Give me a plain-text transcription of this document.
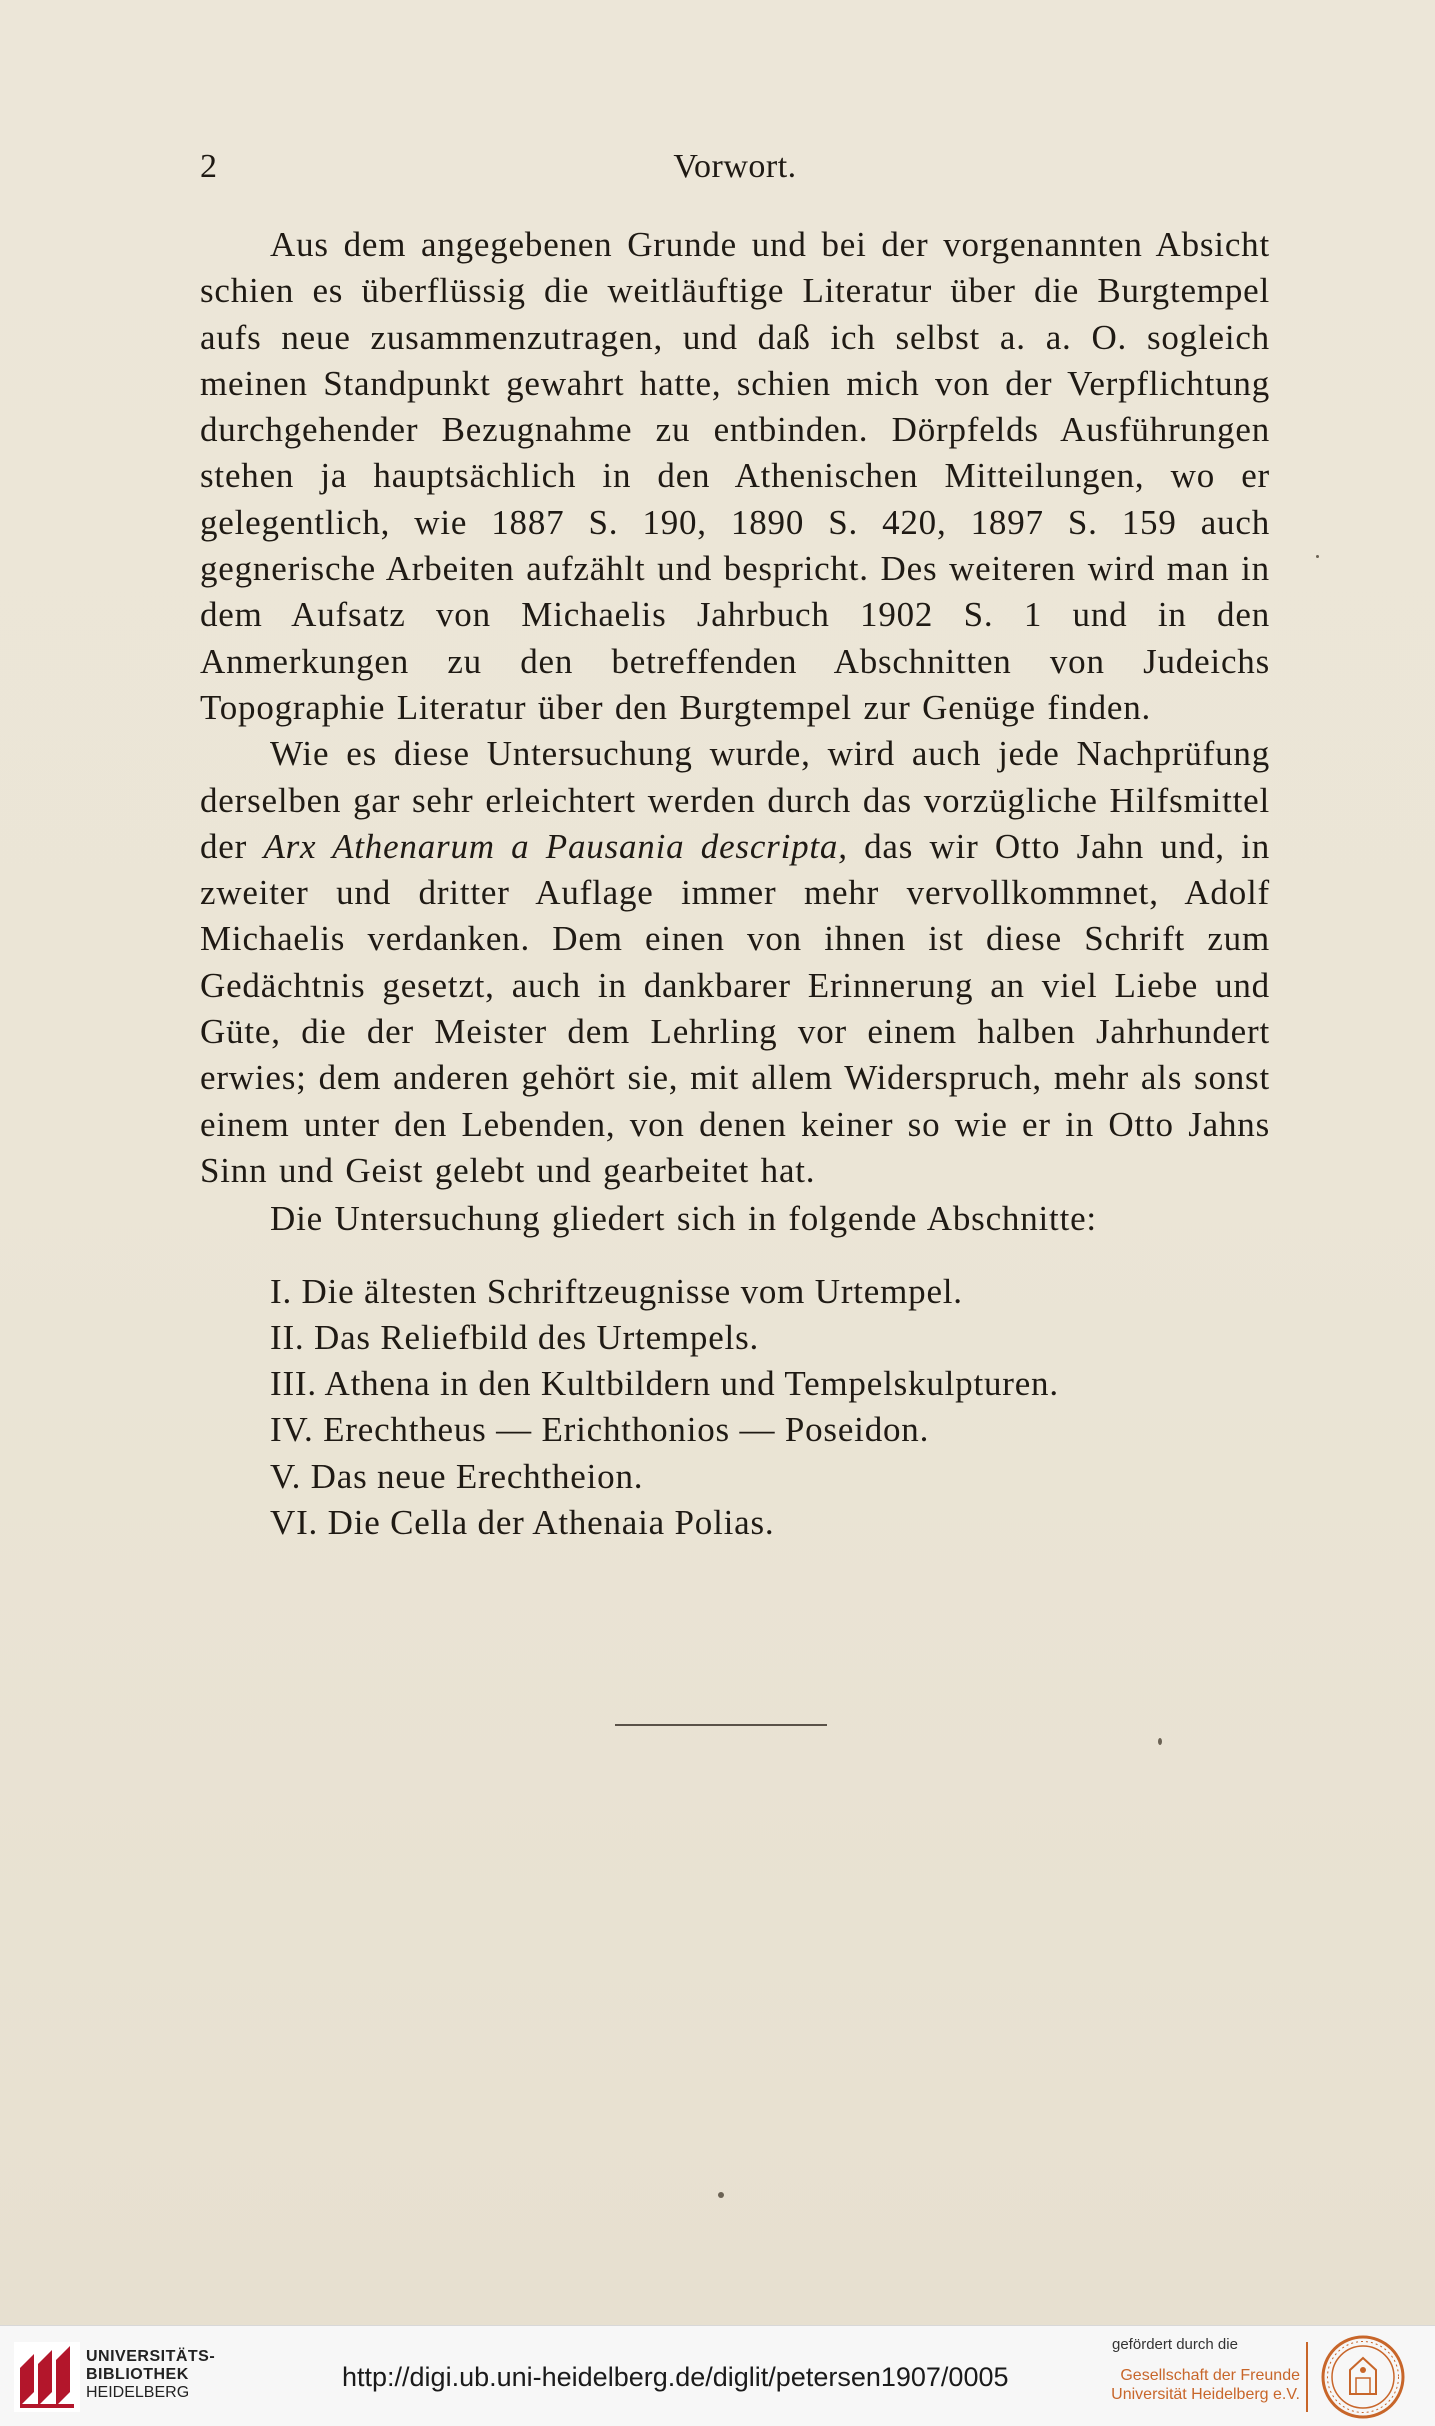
2	Vorwort.

Aus dem angegebenen Grunde und bei der vorgenannten Absicht schien es überflüssig die weitläuftige Literatur über die Burgtempel aufs neue zusammenzutragen, und daß ich selbst a. a. O. sogleich meinen Standpunkt gewahrt hatte, schien mich von der Verpflichtung durchgehender Bezugnahme zu entbinden. Dörpfelds Ausführungen stehen ja hauptsächlich in den Athenischen Mitteilungen, wo er gelegentlich, wie 1887 S. 190, 1890 S. 420, 1897 S. 159 auch gegnerische Arbeiten aufzählt und bespricht. Des weiteren wird man in dem Aufsatz von Michaelis Jahrbuch 1902 S. 1 und in den Anmerkungen zu den betreffenden Abschnitten von Judeichs Topographie Literatur über den Burgtempel zur Genüge finden.

Wie es diese Untersuchung wurde, wird auch jede Nachprüfung derselben gar sehr erleichtert werden durch das vorzügliche Hilfsmittel der Arx Athenarum a Pausania descripta, das wir Otto Jahn und, in zweiter und dritter Auflage immer mehr vervollkommnet, Adolf Michaelis verdanken. Dem einen von ihnen ist diese Schrift zum Gedächtnis gesetzt, auch in dankbarer Erinnerung an viel Liebe und Güte, die der Meister dem Lehrling vor einem halben Jahrhundert erwies; dem anderen gehört sie, mit allem Widerspruch, mehr als sonst einem unter den Lebenden, von denen keiner so wie er in Otto Jahns Sinn und Geist gelebt und gearbeitet hat.

Die Untersuchung gliedert sich in folgende Abschnitte:

I. Die ältesten Schriftzeugnisse vom Urtempel.
II. Das Reliefbild des Urtempels.
III. Athena in den Kultbildern und Tempelskulpturen.
IV. Erechtheus — Erichthonios — Poseidon.
V. Das neue Erechtheion.
VI. Die Cella der Athenaia Polias.
UNIVERSITÄTS-
BIBLIOTHEK
HEIDELBERG
http://digi.ub.uni-heidelberg.de/diglit/petersen1907/0005
gefördert durch die
Gesellschaft der Freunde
Universität Heidelberg e.V.
